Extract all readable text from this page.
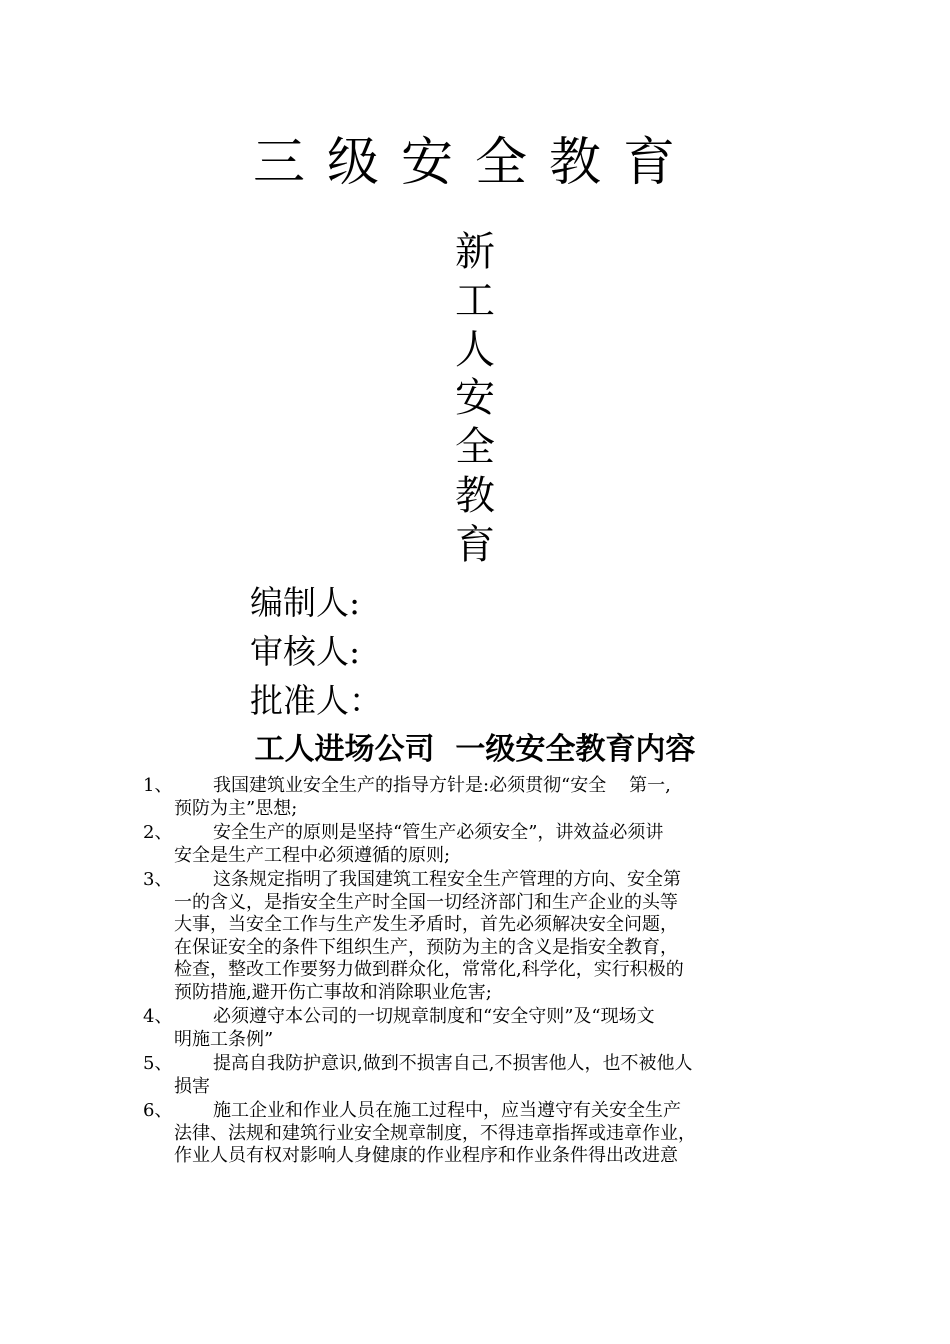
三级安全教育
新
工
人
安
全
教
育
编制人:
审核人:
批准人：
工人进场公司  一级安全教育内容
1、	我国建筑业安全生产的指导方针是:必须贯彻“安全    第一,
预防为主”思想;
2、	安全生产的原则是坚持“管生产必须安全”，讲效益必须讲
安全是生产工程中必须遵循的原则;
3、	这条规定指明了我国建筑工程安全生产管理的方向、安全第
一的含义，是指安全生产时全国一切经济部门和生产企业的头等
大事，当安全工作与生产发生矛盾时，首先必须解决安全问题，
在保证安全的条件下组织生产，预防为主的含义是指安全教育，
检查，整改工作要努力做到群众化，常常化,科学化，实行积极的
预防措施,避开伤亡事故和消除职业危害;
4、	必须遵守本公司的一切规章制度和“安全守则”及“现场文
明施工条例”
5、	提高自我防护意识,做到不损害自己,不损害他人，也不被他人
损害
6、	施工企业和作业人员在施工过程中，应当遵守有关安全生产
法律、法规和建筑行业安全规章制度，不得违章指挥或违章作业，
作业人员有权对影响人身健康的作业程序和作业条件得出改进意
